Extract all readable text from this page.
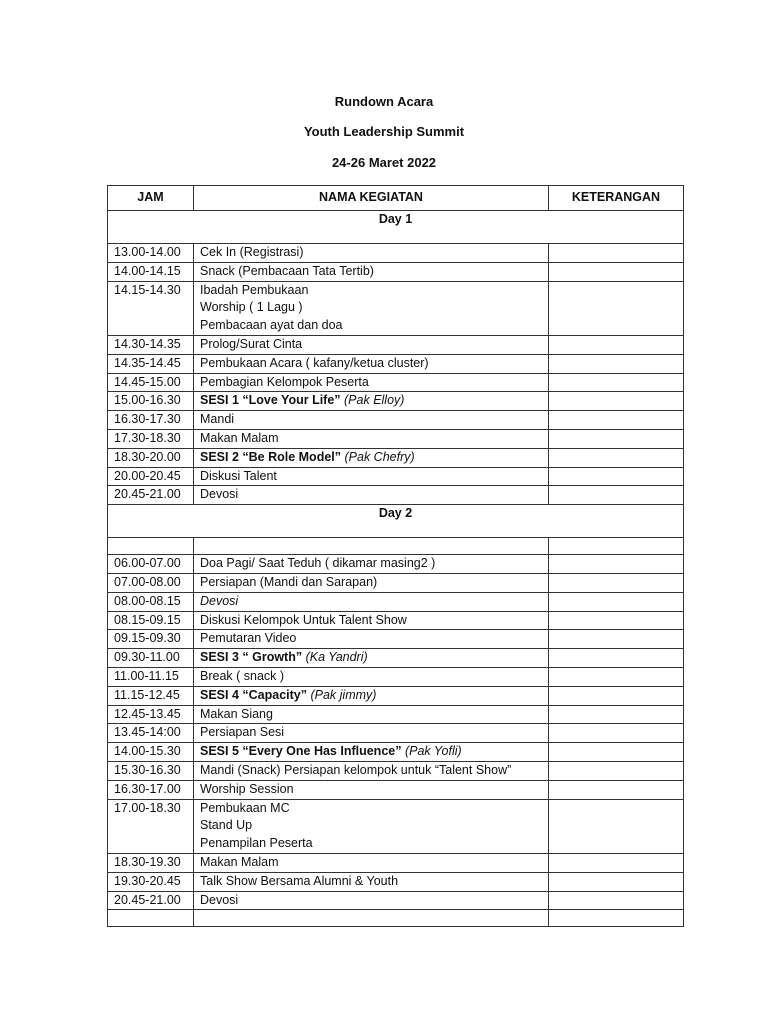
Rundown Acara
Youth Leadership Summit
24-26 Maret 2022
JAM	NAMA KEGIATAN	KETERANGAN
Day 1		
13.00-14.00	Cek In (Registrasi)	
14.00-14.15	Snack (Pembacaan Tata Tertib)	
14.15-14.30	Ibadah Pembukaan
Worship ( 1 Lagu )
Pembacaan ayat dan doa	

14.30-14.35	Prolog/Surat Cinta	
14.35-14.45	Pembukaan Acara ( kafany/ketua cluster)	
14.45-15.00	Pembagian Kelompok Peserta	
15.00-16.30	SESI 1 “Love Your Life” (Pak Elloy)	
16.30-17.30	Mandi	
17.30-18.30	Makan Malam	
18.30-20.00	SESI 2 “Be Role Model” (Pak Chefry)	
20.00-20.45	Diskusi Talent	
20.45-21.00	Devosi	
Day 2		

06.00-07.00	Doa Pagi/ Saat Teduh ( dikamar masing2 )	
07.00-08.00	Persiapan (Mandi dan Sarapan)	
08.00-08.15	Devosi	
08.15-09.15	Diskusi Kelompok Untuk Talent Show	
09.15-09.30	Pemutaran Video	
09.30-11.00	SESI 3 “ Growth” (Ka Yandri)	
11.00-11.15	Break ( snack )	
11.15-12.45	SESI 4 “Capacity” (Pak jimmy)	
12.45-13.45	Makan Siang	
13.45-14:00	Persiapan Sesi	
14.00-15.30	SESI 5 “Every One Has Influence” (Pak Yofli)	
15.30-16.30	Mandi (Snack) Persiapan kelompok untuk “Talent Show”	
16.30-17.00	Worship Session	
17.00-18.30	Pembukaan MC
Stand Up
Penampilan Peserta	

18.30-19.30	Makan Malam	
19.30-20.45	Talk Show Bersama Alumni & Youth	
20.45-21.00	Devosi	
